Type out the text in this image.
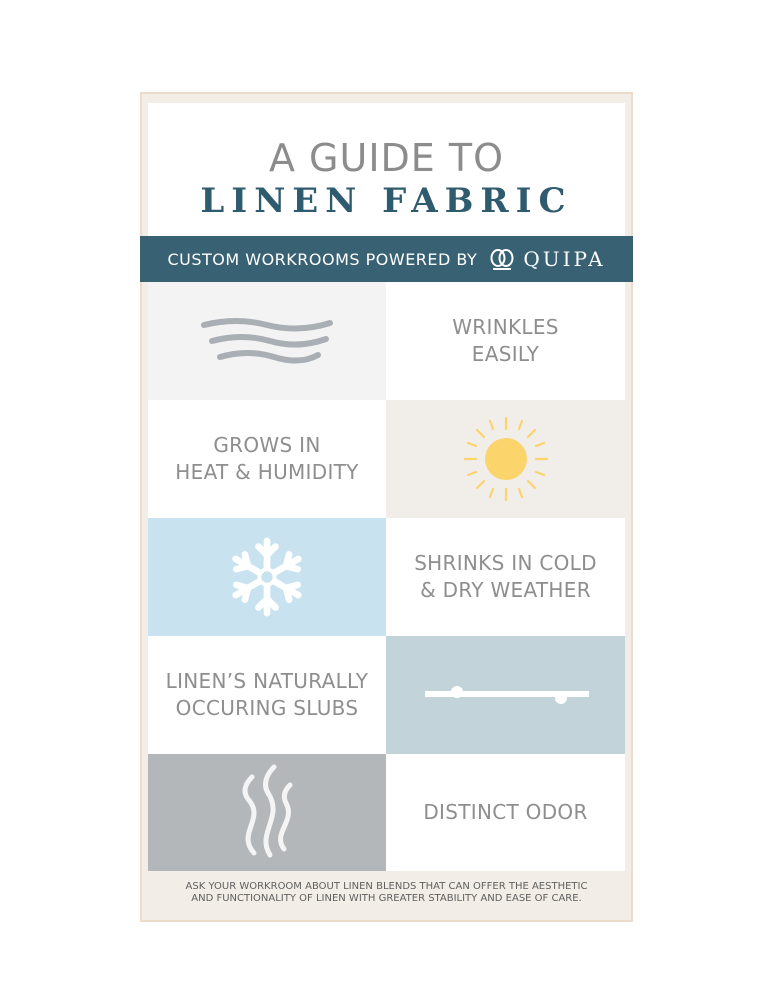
A GUIDE TO
LINEN FABRIC
CUSTOM WORKROOMS POWERED BY QUIPA
WRINKLES
EASILY
GROWS IN
HEAT & HUMIDITY
SHRINKS IN COLD
& DRY WEATHER
LINEN’S NATURALLY
OCCURING SLUBS
DISTINCT ODOR
ASK YOUR WORKROOM ABOUT LINEN BLENDS THAT CAN OFFER THE AESTHETIC
AND FUNCTIONALITY OF LINEN WITH GREATER STABILITY AND EASE OF CARE.
